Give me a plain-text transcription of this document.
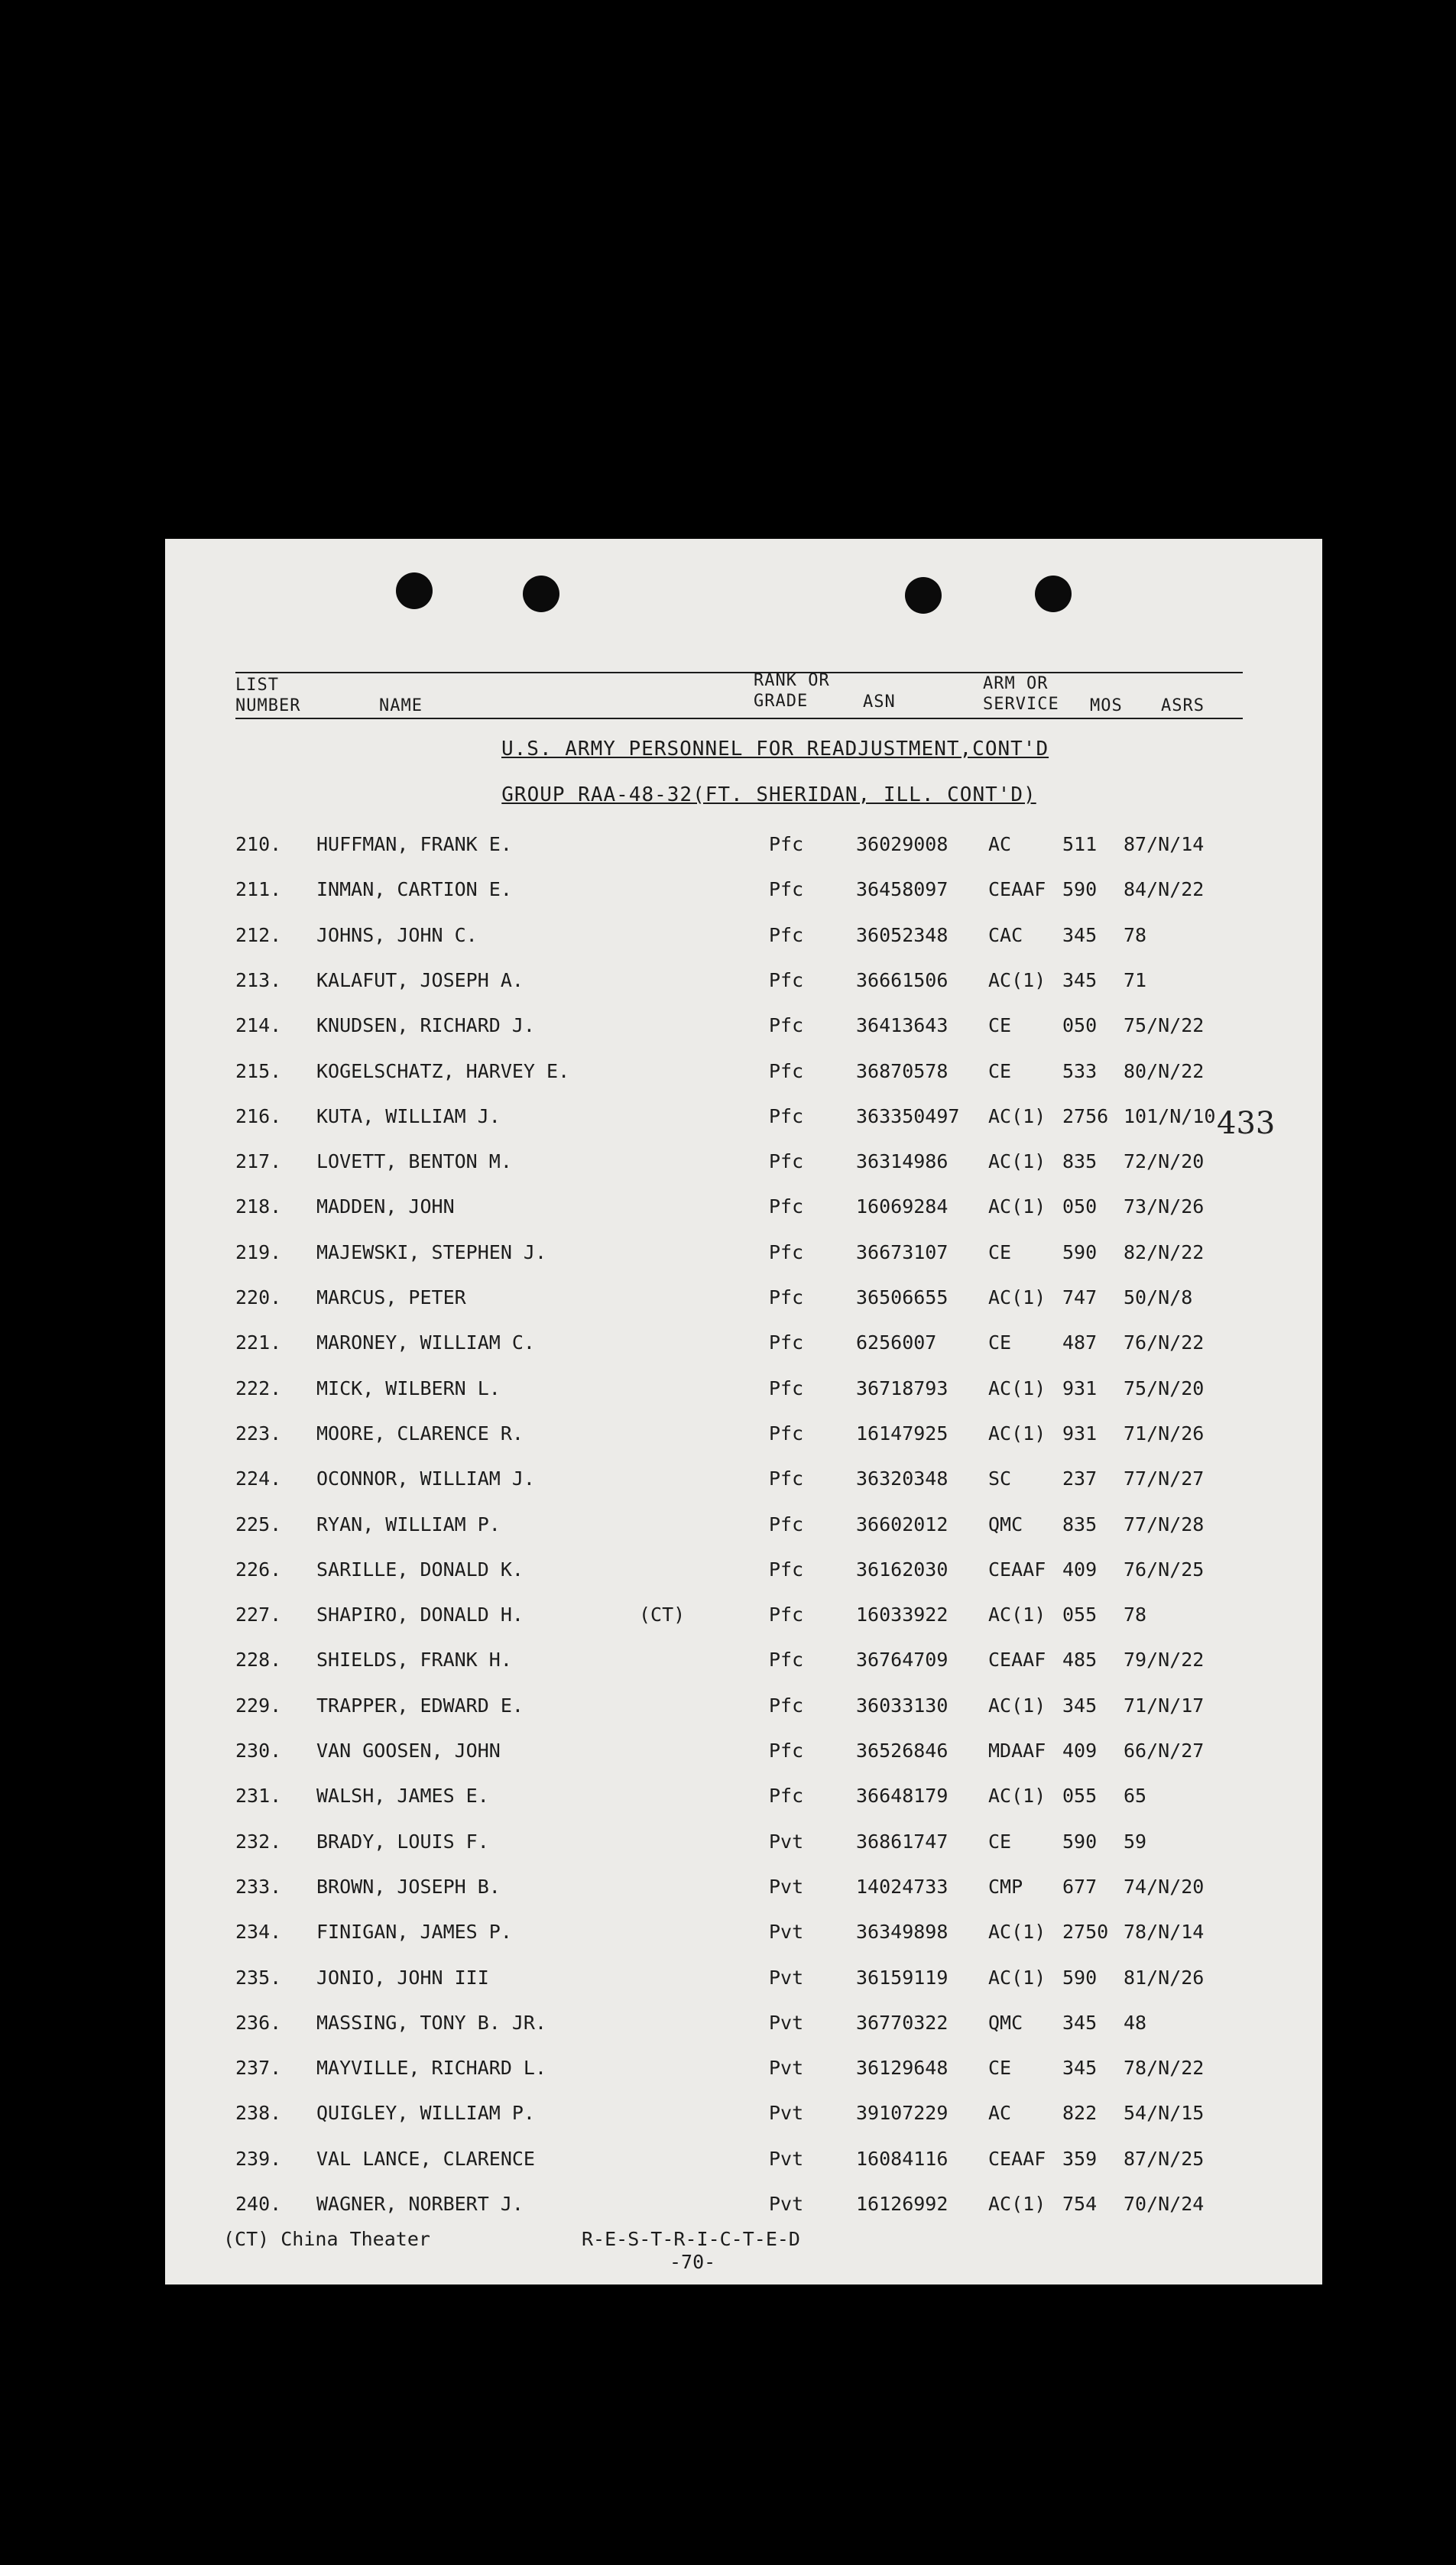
LIST
NUMBER	NAME
RANK OR
GRADE	ASN
ARM OR
SERVICE MOS ASRS
U.S. ARMY PERSONNEL FOR READJUSTMENT,CONT'D
GROUP RAA-48-32(FT. SHERIDAN, ILL. CONT'D)
433
210. HUFFMAN, FRANK E.	Pfc	36029008 AC	511 87/N/14
211. INMAN, CARTION E.	Pfc	36458097 CEAAF 590 84/N/22
212. JOHNS, JOHN C.	Pfc	36052348 CAC 345 78
213. KALAFUT, JOSEPH A.	Pfc	36661506 AC(1) 345 71
214. KNUDSEN, RICHARD J.	Pfc	36413643 CE	050 75/N/22
215. KOGELSCHATZ, HARVEY E.	Pfc	36870578 CE	533 80/N/22
216. KUTA, WILLIAM J.	Pfc	363350497 AC(1) 2756 101/N/10
217. LOVETT, BENTON M.	Pfc	36314986 AC(1) 835 72/N/20
218. MADDEN, JOHN	Pfc	16069284 AC(1) 050 73/N/26
219. MAJEWSKI, STEPHEN J.	Pfc	36673107 CE	590 82/N/22
220. MARCUS, PETER	Pfc	36506655 AC(1) 747 50/N/8
221. MARONEY, WILLIAM C.	Pfc	6256007	CE	487 76/N/22
222. MICK, WILBERN L.	Pfc	36718793 AC(1) 931 75/N/20
223. MOORE, CLARENCE R.	Pfc	16147925 AC(1) 931 71/N/26
224. OCONNOR, WILLIAM J.	Pfc	36320348 SC	237 77/N/27
225. RYAN, WILLIAM P.	Pfc	36602012 QMC 835 77/N/28
226. SARILLE, DONALD K.	Pfc	36162030 CEAAF 409 76/N/25
227. SHAPIRO, DONALD H.	(CT)	Pfc	16033922 AC(1) 055 78
228. SHIELDS, FRANK H.	Pfc	36764709 CEAAF 485 79/N/22
229. TRAPPER, EDWARD E.	Pfc	36033130 AC(1) 345 71/N/17
230. VAN GOOSEN, JOHN	Pfc	36526846 MDAAF 409 66/N/27
231. WALSH, JAMES E.	Pfc	36648179 AC(1) 055 65
232. BRADY, LOUIS F.	Pvt	36861747 CE	590 59
233. BROWN, JOSEPH B.	Pvt	14024733 CMP 677 74/N/20
234. FINIGAN, JAMES P.	Pvt	36349898 AC(1) 2750 78/N/14
235. JONIO, JOHN III	Pvt	36159119 AC(1) 590 81/N/26
236. MASSING, TONY B. JR.	Pvt	36770322 QMC 345 48
237. MAYVILLE, RICHARD L.	Pvt	36129648 CE	345 78/N/22
238. QUIGLEY, WILLIAM P.	Pvt	39107229 AC	822 54/N/15
239. VAL LANCE, CLARENCE	Pvt	16084116 CEAAF 359 87/N/25
240. WAGNER, NORBERT J.	Pvt	16126992 AC(1) 754 70/N/24
(CT) China Theater	R-E-S-T-R-I-C-T-E-D
-70-
